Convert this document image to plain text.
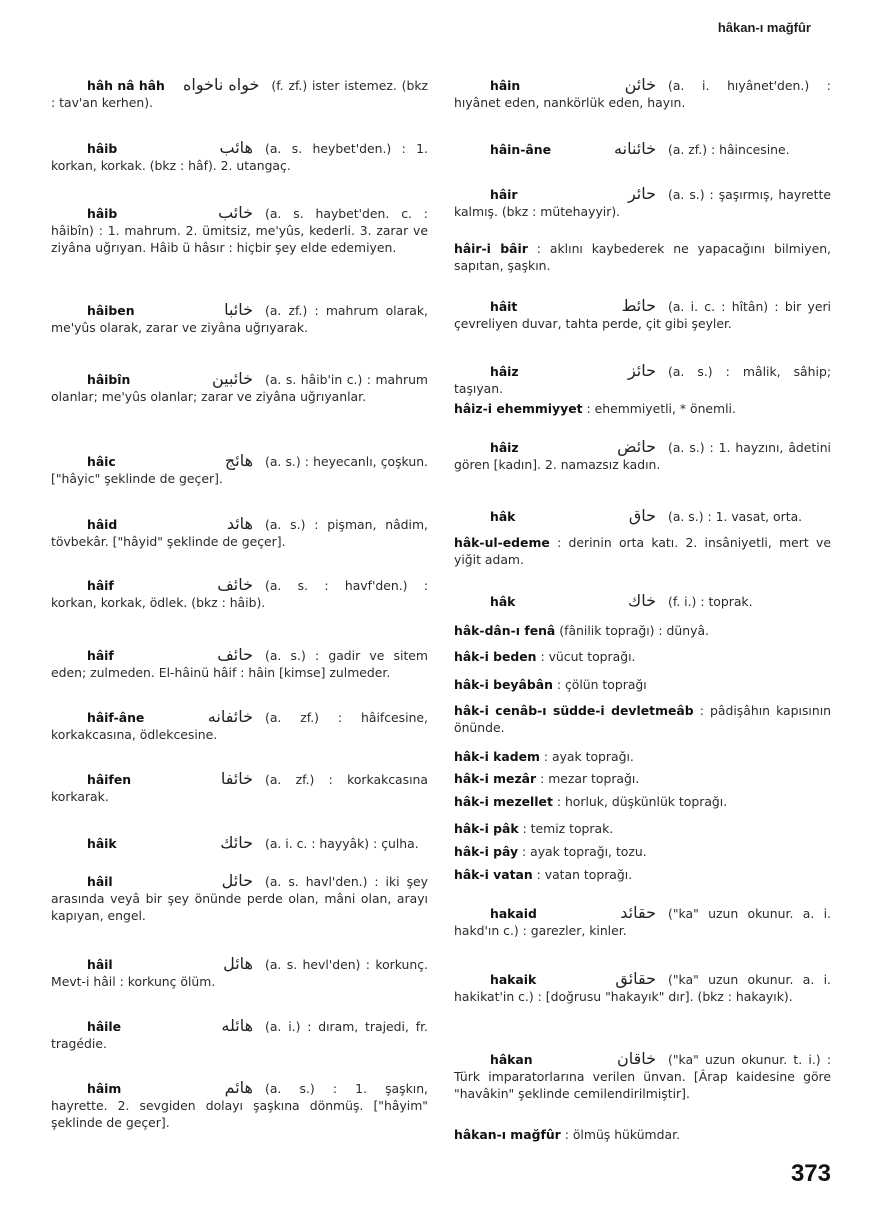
hâkan-ı mağfûr
hâh nâ hâh خواه ناخواه (f. zf.) ister istemez. (bkz : tav'an kerhen).
hâib	هائب (a. s. heybet'den.) : 1. korkan, korkak. (bkz : hâf). 2. utangaç.
hâib	خائب (a. s. haybet'den. c. : hâibîn) : 1. mahrum. 2. ümitsiz, me'yûs, kederli. 3. zarar ve ziyâna uğrıyan. Hâib ü hâsır : hiçbir şey elde edemiyen.
hâiben	خائبا (a. zf.) : mahrum olarak, me'yûs olarak, zarar ve ziyâna uğrıyarak.
hâibîn	خائبين (a. s. hâib'in c.) : mahrum olanlar; me'yûs olanlar; zarar ve ziyâna uğrıyanlar.
hâic	هائج (a. s.) : heyecanlı, çoşkun. ["hâyic" şeklinde de geçer].
hâid	هائد (a. s.) : pişman, nâdim, tövbekâr. ["hâyid" şeklinde de geçer].
hâif	خائف (a. s. : havf'den.) : korkan, korkak, ödlek. (bkz : hâib).
hâif	حائف (a. s.) : gadir ve sitem eden; zulmeden. El-hâinü hâif : hâin [kimse] zulmeder.
hâif-âne	خائفانه (a. zf.) : hâifcesine, korkakcasına, ödlekcesine.
hâifen	خائفا (a. zf.) : korkakcasına korkarak.
hâik	حائك (a. i. c. : hayyâk) : çulha.
hâil	حائل (a. s. havl'den.) : iki şey arasında veyâ bir şey önünde perde olan, mâni olan, arayı kapıyan, engel.
hâil	هائل (a. s. hevl'den) : korkunç. Mevt-i hâil : korkunç ölüm.
hâile	هائله (a. i.) : dıram, trajedi, fr. tragédie.
hâim	هائم (a. s.) : 1. şaşkın, hayrette. 2. sevgiden dolayı şaşkına dönmüş. ["hâyim" şeklinde de geçer].
hâin	خائن (a. i. hıyânet'den.) : hıyânet eden, nankörlük eden, hayın.
hâin-âne	خائنانه (a. zf.) : hâincesine.
hâir	حائر (a. s.) : şaşırmış, hayrette kalmış. (bkz : mütehayyir).
hâir-i bâir : aklını kaybederek ne yapacağını bilmiyen, sapıtan, şaşkın.
hâit	حائط (a. i. c. : hîtân) : bir yeri çevreliyen duvar, tahta perde, çit gibi şeyler.
hâiz	حائز (a. s.) : mâlik, sâhip; taşıyan.
hâiz-i ehemmiyyet : ehemmiyetli, * önemli.
hâiz	حائض (a. s.) : 1. hayzını, âdetini gören [kadın]. 2. namazsız kadın.
hâk	حاق (a. s.) : 1. vasat, orta.
hâk-ul-edeme : derinin orta katı. 2. insâniyetli, mert ve yiğit adam.
hâk	خاك (f. i.) : toprak.
hâk-dân-ı fenâ (fânilik toprağı) : dünyâ.
hâk-i beden : vücut toprağı.
hâk-i beyâbân : çölün toprağı
hâk-i cenâb-ı südde-i devletmeâb : pâdişâhın kapısının önünde.
hâk-i kadem : ayak toprağı.
hâk-i mezâr : mezar toprağı.
hâk-i mezellet : horluk, düşkünlük toprağı.
hâk-i pâk : temiz toprak.
hâk-i pây : ayak toprağı, tozu.
hâk-i vatan : vatan toprağı.
hakaid	حقائد ("ka" uzun okunur. a. i. hakd'ın c.) : garezler, kinler.
hakaik	حقائق ("ka" uzun okunur. a. i. hakikat'in c.) : [doğrusu "hakayık" dır]. (bkz : hakayık).
hâkan	خاقان ("ka" uzun okunur. t. i.) : Türk imparatorlarına verilen ünvan. [Ârap kaidesine göre "havâkin" şeklinde cemilendirilmiştir].
hâkan-ı mağfûr : ölmüş hükümdar.
373
